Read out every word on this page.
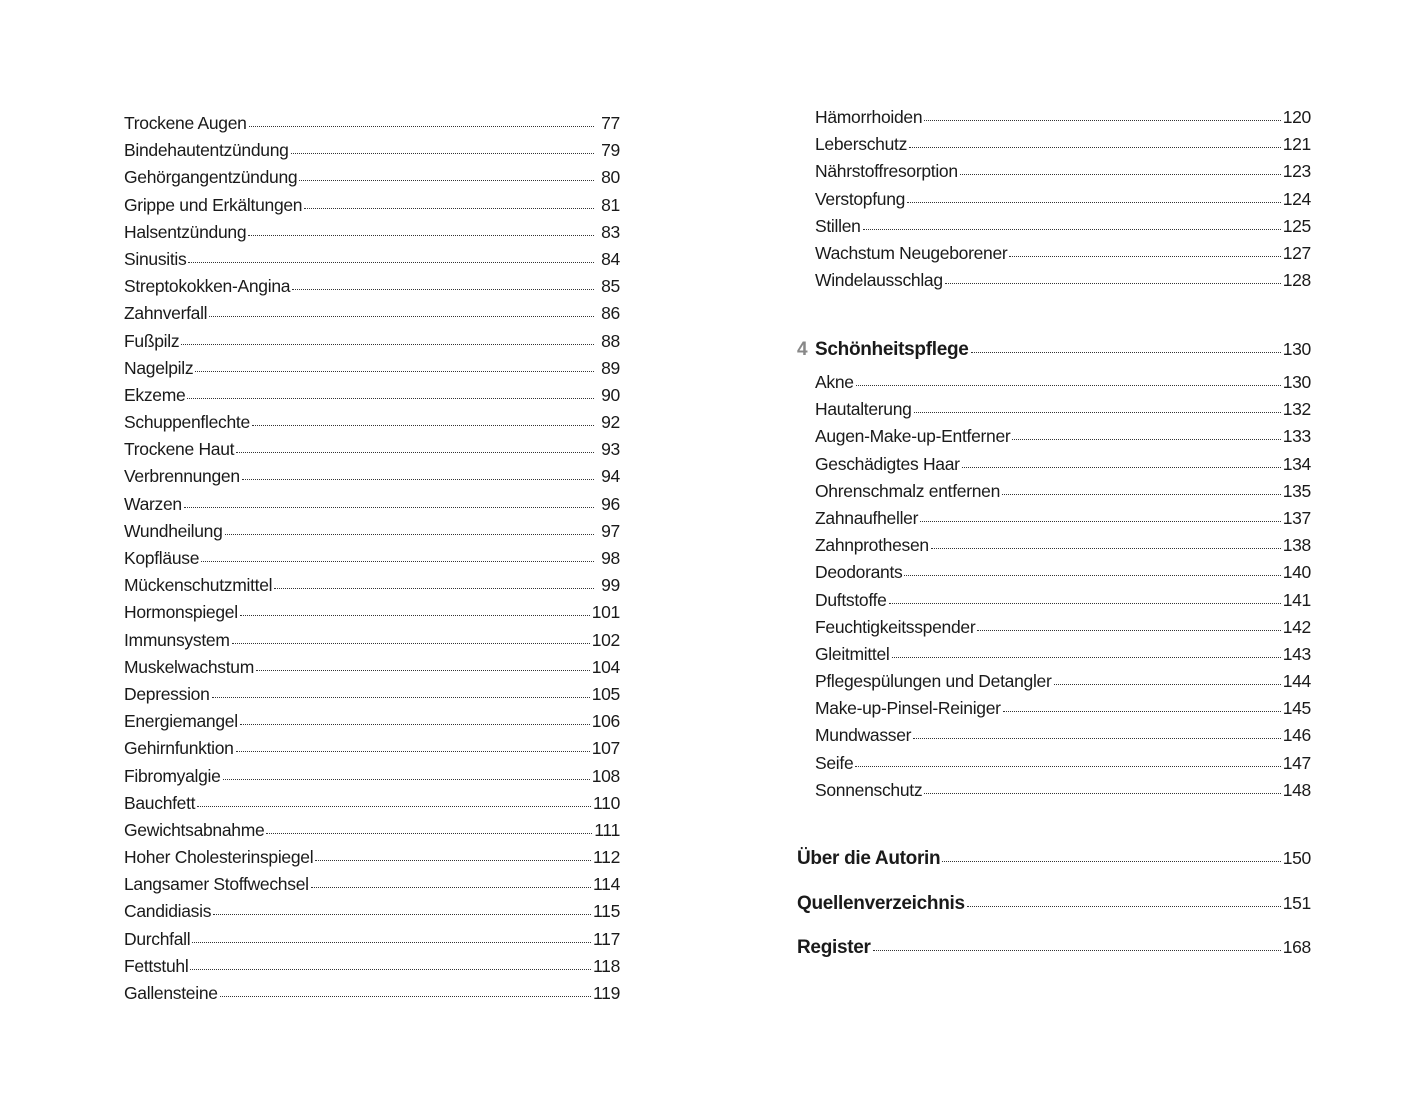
Trockene Augen	77
Bindehautentzündung	79
Gehörgangentzündung	80
Grippe und Erkältungen	81
Halsentzündung	83
Sinusitis	84
Streptokokken-Angina	85
Zahnverfall	86
Fußpilz	88
Nagelpilz	89
Ekzeme	90
Schuppenflechte	92
Trockene Haut	93
Verbrennungen	94
Warzen	96
Wundheilung	97
Kopfläuse	98
Mückenschutzmittel	99
Hormonspiegel	101
Immunsystem	102
Muskelwachstum	104
Depression	105
Energiemangel	106
Gehirnfunktion	107
Fibromyalgie	108
Bauchfett	110
Gewichtsabnahme	111
Hoher Cholesterinspiegel	112
Langsamer Stoffwechsel	114
Candidiasis	115
Durchfall	117
Fettstuhl	118
Gallensteine	119
Hämorrhoiden	120
Leberschutz	121
Nährstoffresorption	123
Verstopfung	124
Stillen	125
Wachstum Neugeborener	127
Windelausschlag	128
4 Schönheitspflege	130
Akne	130
Hautalterung	132
Augen-Make-up-Entferner	133
Geschädigtes Haar	134
Ohrenschmalz entfernen	135
Zahnaufheller	137
Zahnprothesen	138
Deodorants	140
Duftstoffe	141
Feuchtigkeitsspender	142
Gleitmittel	143
Pflegespülungen und Detangler	144
Make-up-Pinsel-Reiniger	145
Mundwasser	146
Seife	147
Sonnenschutz	148
Über die Autorin	150
Quellenverzeichnis	151
Register	168
